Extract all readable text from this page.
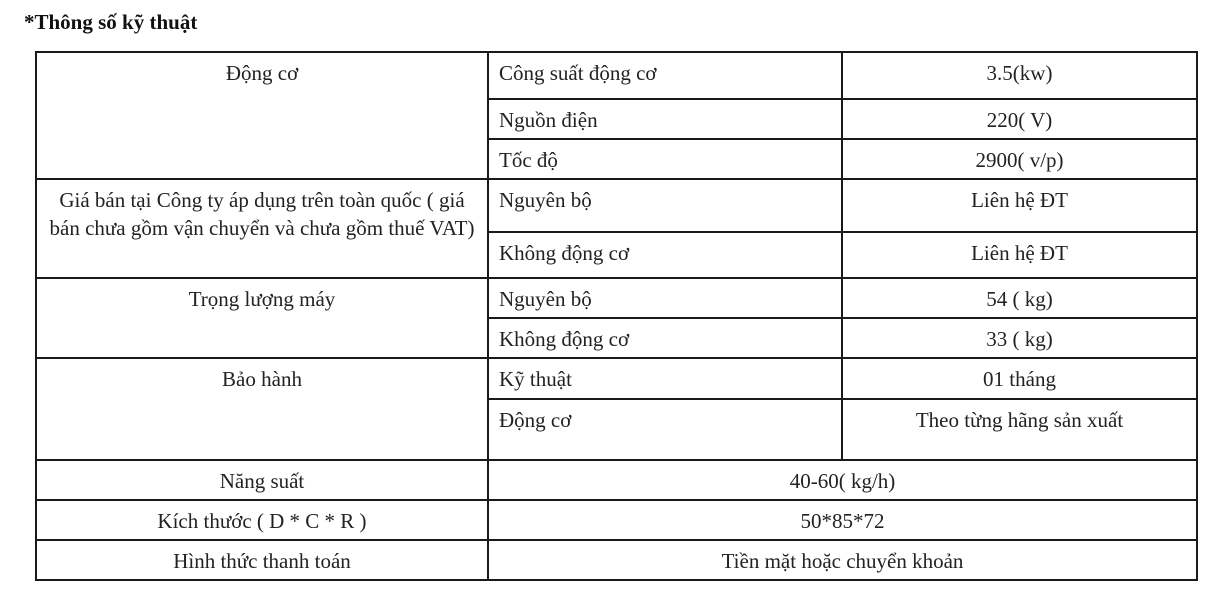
*Thông số kỹ thuật
Động cơ	Công suất động cơ	3.5(kw)
	Nguồn điện	220( V)
	Tốc độ	2900( v/p)
Giá bán tại Công ty áp dụng trên toàn quốc ( giá bán chưa gồm vận chuyển và chưa gồm thuế VAT)	Nguyên bộ	Liên hệ ĐT
	Không động cơ	Liên hệ ĐT
Trọng lượng máy	Nguyên bộ	54 ( kg)
	Không động cơ	33 ( kg)
Bảo hành	Kỹ thuật	01 tháng
	Động cơ	Theo từng hãng sản xuất
Năng suất	40-60( kg/h)	
Kích thước ( D * C * R )	50*85*72	
Hình thức thanh toán	Tiền mặt hoặc chuyển khoản	
